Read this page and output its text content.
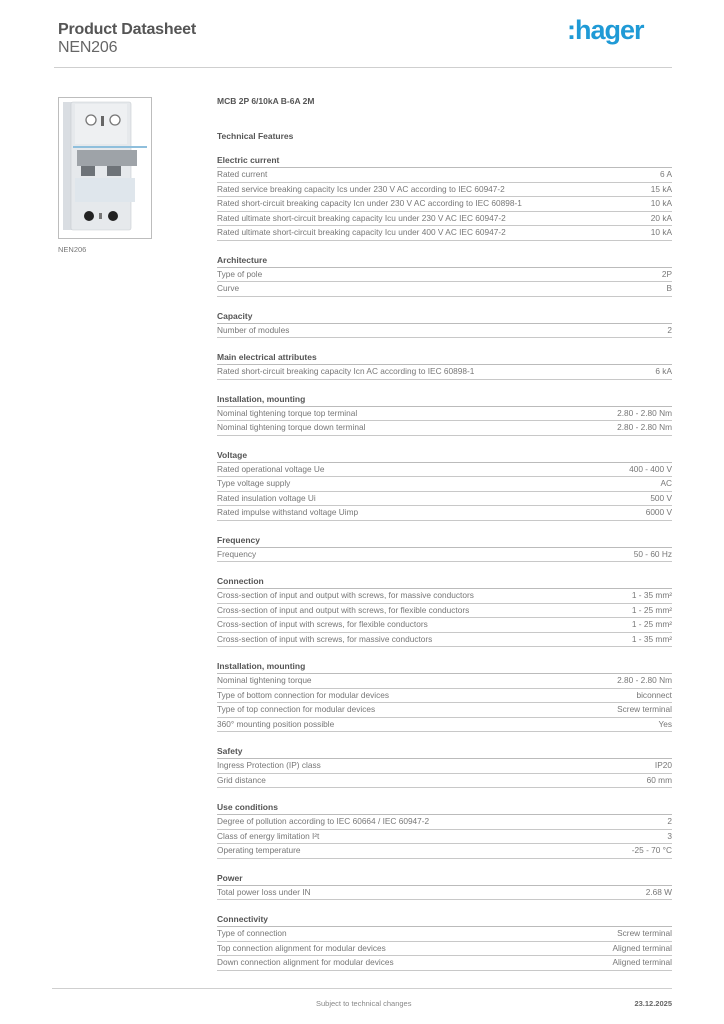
Product Datasheet
NEN206
:hager
NEN206
MCB 2P 6/10kA B-6A 2M
Technical Features
Electric current
Rated current	6 A
Rated service breaking capacity Ics under 230 V AC according to IEC 60947-2	15 kA
Rated short-circuit breaking capacity Icn under 230 V AC according to IEC 60898-1	10 kA
Rated ultimate short-circuit breaking capacity Icu under 230 V AC IEC 60947-2	20 kA
Rated ultimate short-circuit breaking capacity Icu under 400 V AC IEC 60947-2	10 kA
Architecture
Type of pole	2P
Curve	B
Capacity
Number of modules	2
Main electrical attributes
Rated short-circuit breaking capacity Icn AC according to IEC 60898-1	6 kA
Installation, mounting
Nominal tightening torque top terminal	2.80 - 2.80 Nm
Nominal tightening torque down terminal	2.80 - 2.80 Nm
Voltage
Rated operational voltage Ue	400 - 400 V
Type voltage supply	AC
Rated insulation voltage Ui	500 V
Rated impulse withstand voltage Uimp	6000 V
Frequency
Frequency	50 - 60 Hz
Connection
Cross-section of input and output with screws, for massive conductors	1 - 35 mm²
Cross-section of input and output with screws, for flexible conductors	1 - 25 mm²
Cross-section of input with screws, for flexible conductors	1 - 25 mm²
Cross-section of input with screws, for massive conductors	1 - 35 mm²
Installation, mounting
Nominal tightening torque	2.80 - 2.80 Nm
Type of bottom connection for modular devices	biconnect
Type of top connection for modular devices	Screw terminal
360° mounting position possible	Yes
Safety
Ingress Protection (IP) class	IP20
Grid distance	60 mm
Use conditions
Degree of pollution according to IEC 60664 / IEC 60947-2	2
Class of energy limitation I²t	3
Operating temperature	-25 - 70 °C
Power
Total power loss under IN	2.68 W
Connectivity
Type of connection	Screw terminal
Top connection alignment for modular devices	Aligned terminal
Down connection alignment for modular devices	Aligned terminal
Subject to technical changes	23.12.2025
